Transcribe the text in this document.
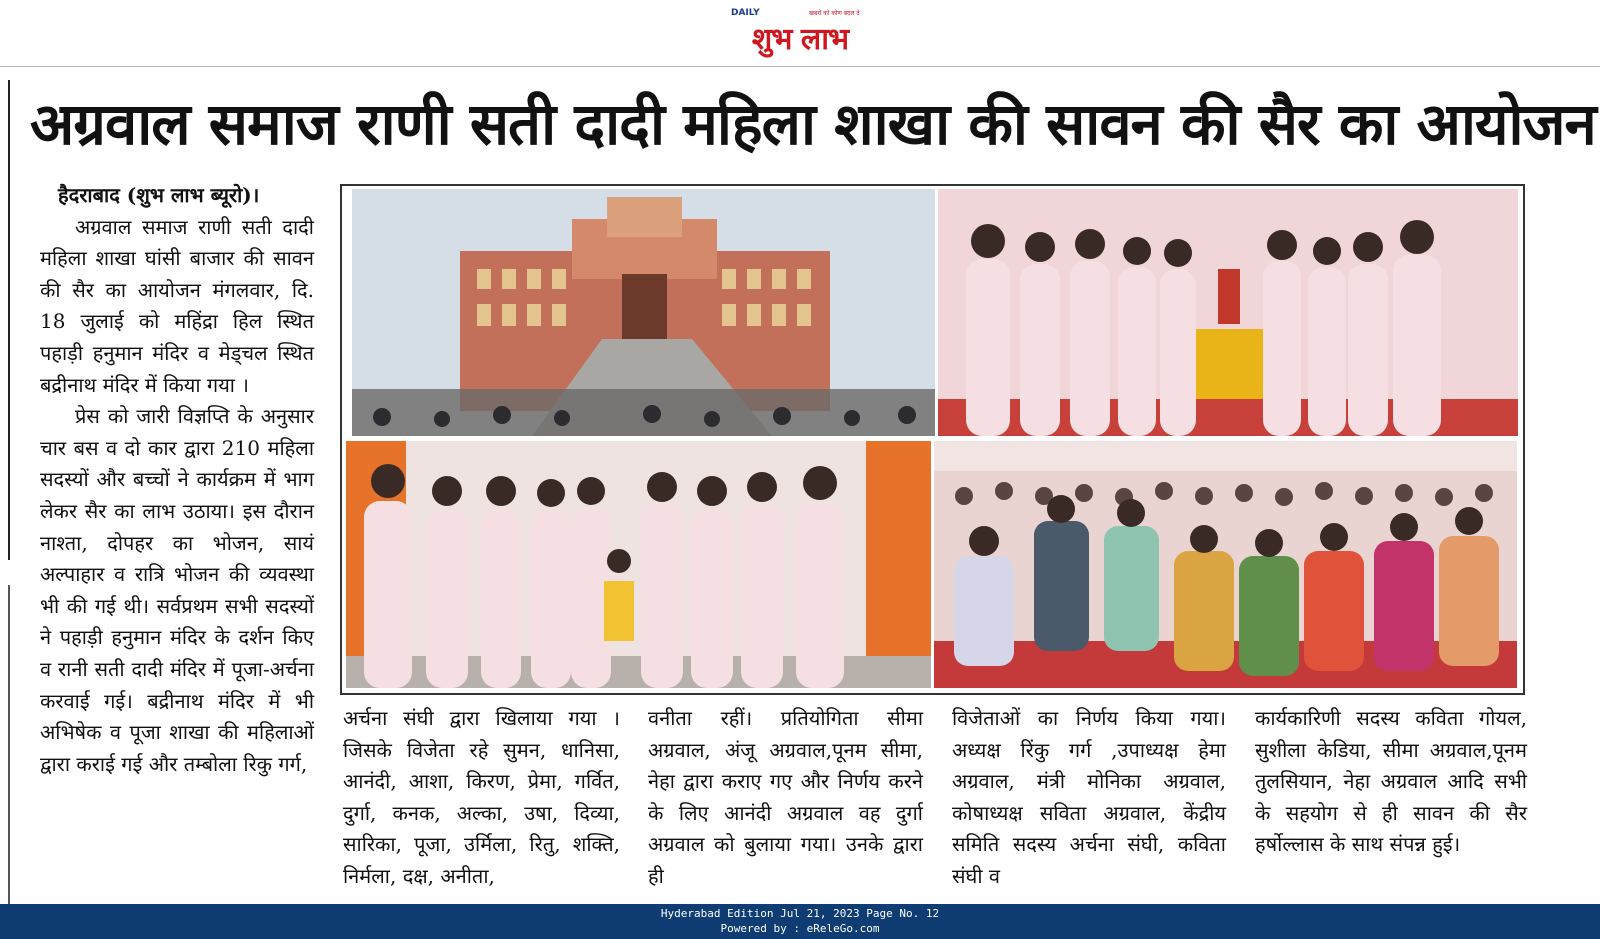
DAILY	खबरों को कोण बदल दे
शुभ लाभ
अग्रवाल समाज राणी सती दादी महिला शाखा की सावन की सैर का आयोजन
हैदराबाद (शुभ लाभ ब्यूरो)।

अग्रवाल समाज राणी सती दादी महिला शाखा घांसी बाजार की सावन की सैर का आयोजन मंगलवार, दि. 18 जुलाई को महिंद्रा हिल स्थित पहाड़ी हनुमान मंदिर व मेड्चल स्थित बद्रीनाथ मंदिर में किया गया ।

प्रेस को जारी विज्ञप्ति के अनुसार चार बस व दो कार द्वारा 210 महिला सदस्यों और बच्चों ने कार्यक्रम में भाग लेकर सैर का लाभ उठाया। इस दौरान नाश्ता, दोपहर का भोजन, सायं अल्पाहार व रात्रि भोजन की व्यवस्था भी की गई थी। सर्वप्रथम सभी सदस्यों ने पहाड़ी हनुमान मंदिर के दर्शन किए व रानी सती दादी मंदिर में पूजा-अर्चना करवाई गई। बद्रीनाथ मंदिर में भी अभिषेक व पूजा शाखा की महिलाओं द्वारा कराई गई और तम्बोला रिकु गर्ग,

अर्चना संघी द्वारा खिलाया गया । जिसके विजेता रहे सुमन, धानिसा, आनंदी, आशा, किरण, प्रेमा, गर्वित, दुर्गा, कनक, अल्का, उषा, दिव्या, सारिका, पूजा, उर्मिला, रितु, शक्ति, निर्मला, दक्ष, अनीता,

वनीता रहीं। प्रतियोगिता सीमा अग्रवाल, अंजू अग्रवाल,पूनम सीमा, नेहा द्वारा कराए गए और निर्णय करने के लिए आनंदी अग्रवाल वह दुर्गा अग्रवाल को बुलाया गया। उनके द्वारा ही

विजेताओं का निर्णय किया गया।अध्यक्ष रिंकु गर्ग ,उपाध्यक्ष हेमा अग्रवाल, मंत्री मोनिका अग्रवाल, कोषाध्यक्ष सविता अग्रवाल, केंद्रीय समिति सदस्य अर्चना संघी, कविता संघी व

कार्यकारिणी सदस्य कविता गोयल, सुशीला केडिया, सीमा अग्रवाल,पूनम तुलसियान, नेहा अग्रवाल आदि सभी के सहयोग से ही सावन की सैर हर्षोल्लास के साथ संपन्न हुई।

Hyderabad Edition Jul 21, 2023 Page No. 12
Powered by : eReleGo.com
